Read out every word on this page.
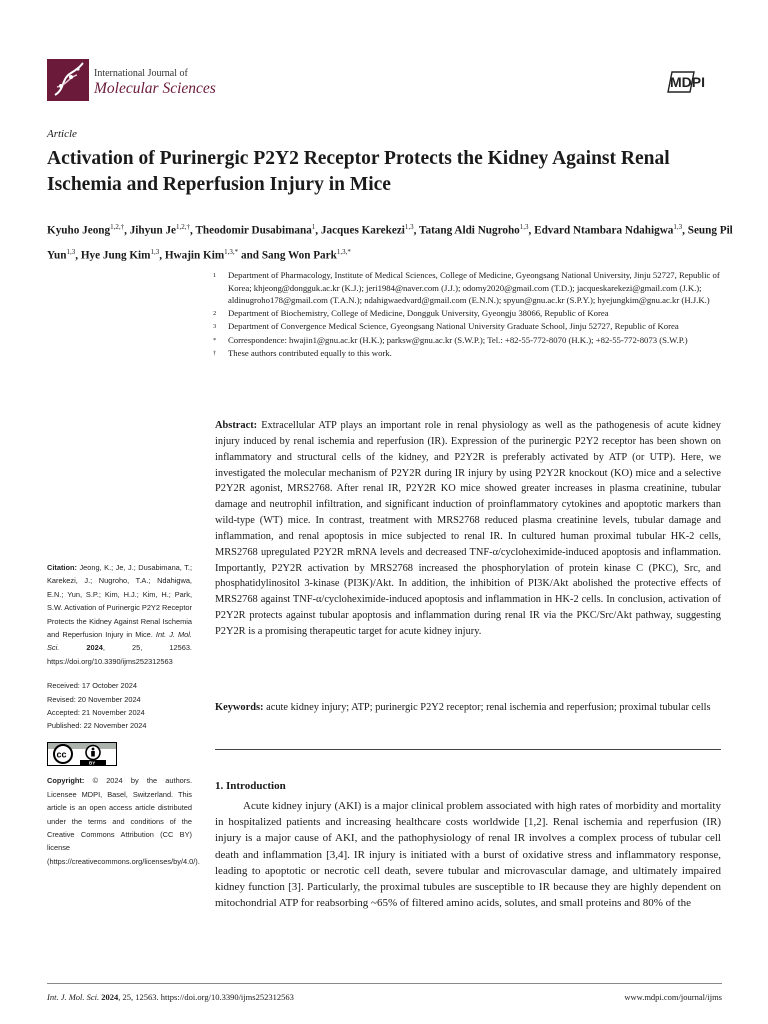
International Journal of
Molecular Sciences	MDPI
Article
Activation of Purinergic P2Y2 Receptor Protects the Kidney Against Renal Ischemia and Reperfusion Injury in Mice
Kyuho Jeong$^{1,2,\dagger}$, Jihyun $Je^{1,2,\dagger}$, Theodomir Dusabimana$^1$, Jacques Karekezi$^{1,3}$, Tatang Aldi Nugroho$^{1,3}$, Edvard Ntambara Ndahigwa$^{1,3}$, Seung Pil Yun$^{1,3}$, Hye Jung Kim$^{1,3}$, Hwajin Kim$^{1,3,*}$ and Sang Won Park$^{1,3,*}$
1	Department of Pharmacology, Institute of Medical Sciences, College of Medicine, Gyeongsang National University, Jinju 52727, Republic of Korea; khjeong@dongguk.ac.kr (K.J.); jeri1984@naver.com (J.J.); odomy2020@gmail.com (T.D.); jacqueskarekezi@gmail.com (J.K.); aldinugroho178@gmail.com (T.A.N.); ndahigwaedvard@gmail.com (E.N.N.); spyun@gnu.ac.kr (S.P.Y.); hyejungkim@gnu.ac.kr (H.J.K.)
2	Department of Biochemistry, College of Medicine, Dongguk University, Gyeongju 38066, Republic of Korea
3	Department of Convergence Medical Science, Gyeongsang National University Graduate School, Jinju 52727, Republic of Korea
*	Correspondence: hwajin1@gnu.ac.kr (H.K.); parksw@gnu.ac.kr (S.W.P.); Tel.: +82-55-772-8070 (H.K.); +82-55-772-8073 (S.W.P.)
†	These authors contributed equally to this work.
Abstract: Extracellular ATP plays an important role in renal physiology as well as the pathogenesis of acute kidney injury induced by renal ischemia and reperfusion (IR). Expression of the purinergic P2Y2 receptor has been shown on inflammatory and structural cells of the kidney, and P2Y2R is preferably activated by ATP (or UTP). Here, we investigated the molecular mechanism of P2Y2R during IR injury by using P2Y2R knockout (KO) mice and a selective P2Y2R agonist, MRS2768. After renal IR, P2Y2R KO mice showed greater increases in plasma creatinine, tubular damage and neutrophil infiltration, and significant induction of proinflammatory cytokines and apoptotic markers than wild-type (WT) mice. In contrast, treatment with MRS2768 reduced plasma creatinine levels, tubular damage and inflammation, and renal apoptosis in mice subjected to renal IR. In cultured human proximal tubular HK-2 cells, MRS2768 upregulated P2Y2R mRNA levels and decreased TNF-α/cycloheximide-induced apoptosis and inflammation. Importantly, P2Y2R activation by MRS2768 increased the phosphorylation of protein kinase C (PKC), Src, and phosphatidylinositol 3-kinase (PI3K)/Akt. In addition, the inhibition of PI3K/Akt abolished the protective effects of MRS2768 against TNF-α/cycloheximide-induced apoptosis and inflammation in HK-2 cells. In conclusion, activation of P2Y2R protects against tubular apoptosis and inflammation during renal IR via the PKC/Src/Akt pathway, suggesting P2Y2R is a promising therapeutic target for acute kidney injury.
Keywords: acute kidney injury; ATP; purinergic P2Y2 receptor; renal ischemia and reperfusion; proximal tubular cells
Citation: Jeong, K.; Je, J.; Dusabimana, T.; Karekezi, J.; Nugroho, T.A.; Ndahigwa, E.N.; Yun, S.P.; Kim, H.J.; Kim, H.; Park, S.W. Activation of Purinergic P2Y2 Receptor Protects the Kidney Against Renal Ischemia and Reperfusion Injury in Mice. Int. J. Mol. Sci.	2024, 25, 12563. https://doi.org/10.3390/ijms252312563
Received: 17 October 2024
Revised: 20 November 2024
Accepted: 21 November 2024
Published: 22 November 2024
cc
BY
Copyright: © 2024 by the authors. Licensee MDPI, Basel, Switzerland. This article is an open access article distributed under the terms and conditions of the Creative Commons Attribution (CC BY) license (https://creativecommons.org/licenses/by/4.0/).
1. Introduction
Acute kidney injury (AKI) is a major clinical problem associated with high rates of morbidity and mortality in hospitalized patients and increasing healthcare costs worldwide [1,2]. Renal ischemia and reperfusion (IR) injury is a major cause of AKI, and the pathophysiology of renal IR involves a complex process of tubular cell death and inflammation [3,4]. IR injury is initiated with a burst of oxidative stress and inflammatory response, leading to apoptotic or necrotic cell death, severe tubular and microvascular damage, and ultimately impaired kidney function [3]. Particularly, the proximal tubules are susceptible to IR because they are highly dependent on mitochondrial ATP for reabsorbing ~65% of filtered amino acids, solutes, and small proteins and 80% of the
Int. J. Mol. Sci. 2024, 25, 12563. https://doi.org/10.3390/ijms252312563	www.mdpi.com/journal/ijms
